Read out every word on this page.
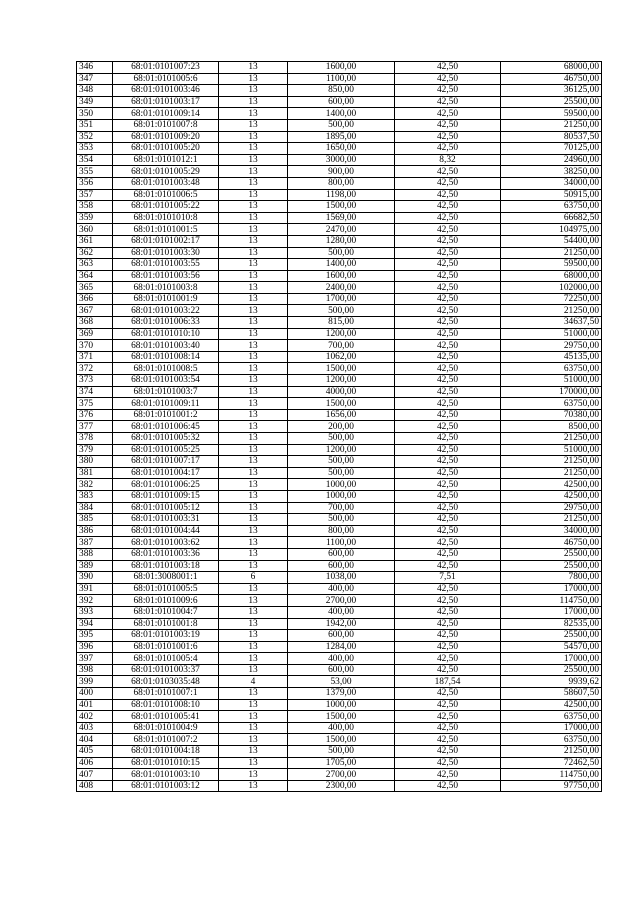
346	68:01:0101007:23	13	1600,00	42,50	68000,00
347	68:01:0101005:6	13	1100,00	42,50	46750,00
348	68:01:0101003:46	13	850,00	42,50	36125,00
349	68:01:0101003:17	13	600,00	42,50	25500,00
350	68:01:0101009:14	13	1400,00	42,50	59500,00
351	68:01:0101007:8	13	500,00	42,50	21250,00
352	68:01:0101009:20	13	1895,00	42,50	80537,50
353	68:01:0101005:20	13	1650,00	42,50	70125,00
354	68:01:0101012:1	13	3000,00	8,32	24960,00
355	68:01:0101005:29	13	900,00	42,50	38250,00
356	68:01:0101003:48	13	800,00	42,50	34000,00
357	68:01:0101006:5	13	1198,00	42,50	50915,00
358	68:01:0101005:22	13	1500,00	42,50	63750,00
359	68:01:0101010:8	13	1569,00	42,50	66682,50
360	68:01:0101001:5	13	2470,00	42,50	104975,00
361	68:01:0101002:17	13	1280,00	42,50	54400,00
362	68:01:0101003:30	13	500,00	42,50	21250,00
363	68:01:0101003:55	13	1400,00	42,50	59500,00
364	68:01:0101003:56	13	1600,00	42,50	68000,00
365	68:01:0101003:8	13	2400,00	42,50	102000,00
366	68:01:0101001:9	13	1700,00	42,50	72250,00
367	68:01:0101003:22	13	500,00	42,50	21250,00
368	68:01:0101006:33	13	815,00	42,50	34637,50
369	68:01:0101010:10	13	1200,00	42,50	51000,00
370	68:01:0101003:40	13	700,00	42,50	29750,00
371	68:01:0101008:14	13	1062,00	42,50	45135,00
372	68:01:0101008:5	13	1500,00	42,50	63750,00
373	68:01:0101003:54	13	1200,00	42,50	51000,00
374	68:01:0101003:7	13	4000,00	42,50	170000,00
375	68:01:0101009:11	13	1500,00	42,50	63750,00
376	68:01:0101001:2	13	1656,00	42,50	70380,00
377	68:01:0101006:45	13	200,00	42,50	8500,00
378	68:01:0101005:32	13	500,00	42,50	21250,00
379	68:01:0101005:25	13	1200,00	42,50	51000,00
380	68:01:0101007:17	13	500,00	42,50	21250,00
381	68:01:0101004:17	13	500,00	42,50	21250,00
382	68:01:0101006:25	13	1000,00	42,50	42500,00
383	68:01:0101009:15	13	1000,00	42,50	42500,00
384	68:01:0101005:12	13	700,00	42,50	29750,00
385	68:01:0101003:31	13	500,00	42,50	21250,00
386	68:01:0101004:44	13	800,00	42,50	34000,00
387	68:01:0101003:62	13	1100,00	42,50	46750,00
388	68:01:0101003:36	13	600,00	42,50	25500,00
389	68:01:0101003:18	13	600,00	42,50	25500,00
390	68:01:3008001:1	6	1038,00	7,51	7800,00
391	68:01:0101005:5	13	400,00	42,50	17000,00
392	68:01:0101009:6	13	2700,00	42,50	114750,00
393	68:01:0101004:7	13	400,00	42,50	17000,00
394	68:01:0101001:8	13	1942,00	42,50	82535,00
395	68:01:0101003:19	13	600,00	42,50	25500,00
396	68:01:0101001:6	13	1284,00	42,50	54570,00
397	68:01:0101005:4	13	400,00	42,50	17000,00
398	68:01:0101003:37	13	600,00	42,50	25500,00
399	68:01:0103035:48	4	53,00	187,54	9939,62
400	68:01:0101007:1	13	1379,00	42,50	58607,50
401	68:01:0101008:10	13	1000,00	42,50	42500,00
402	68:01:0101005:41	13	1500,00	42,50	63750,00
403	68:01:0101004:9	13	400,00	42,50	17000,00
404	68:01:0101007:2	13	1500,00	42,50	63750,00
405	68:01:0101004:18	13	500,00	42,50	21250,00
406	68:01:0101010:15	13	1705,00	42,50	72462,50
407	68:01:0101003:10	13	2700,00	42,50	114750,00
408	68:01:0101003:12	13	2300,00	42,50	97750,00
